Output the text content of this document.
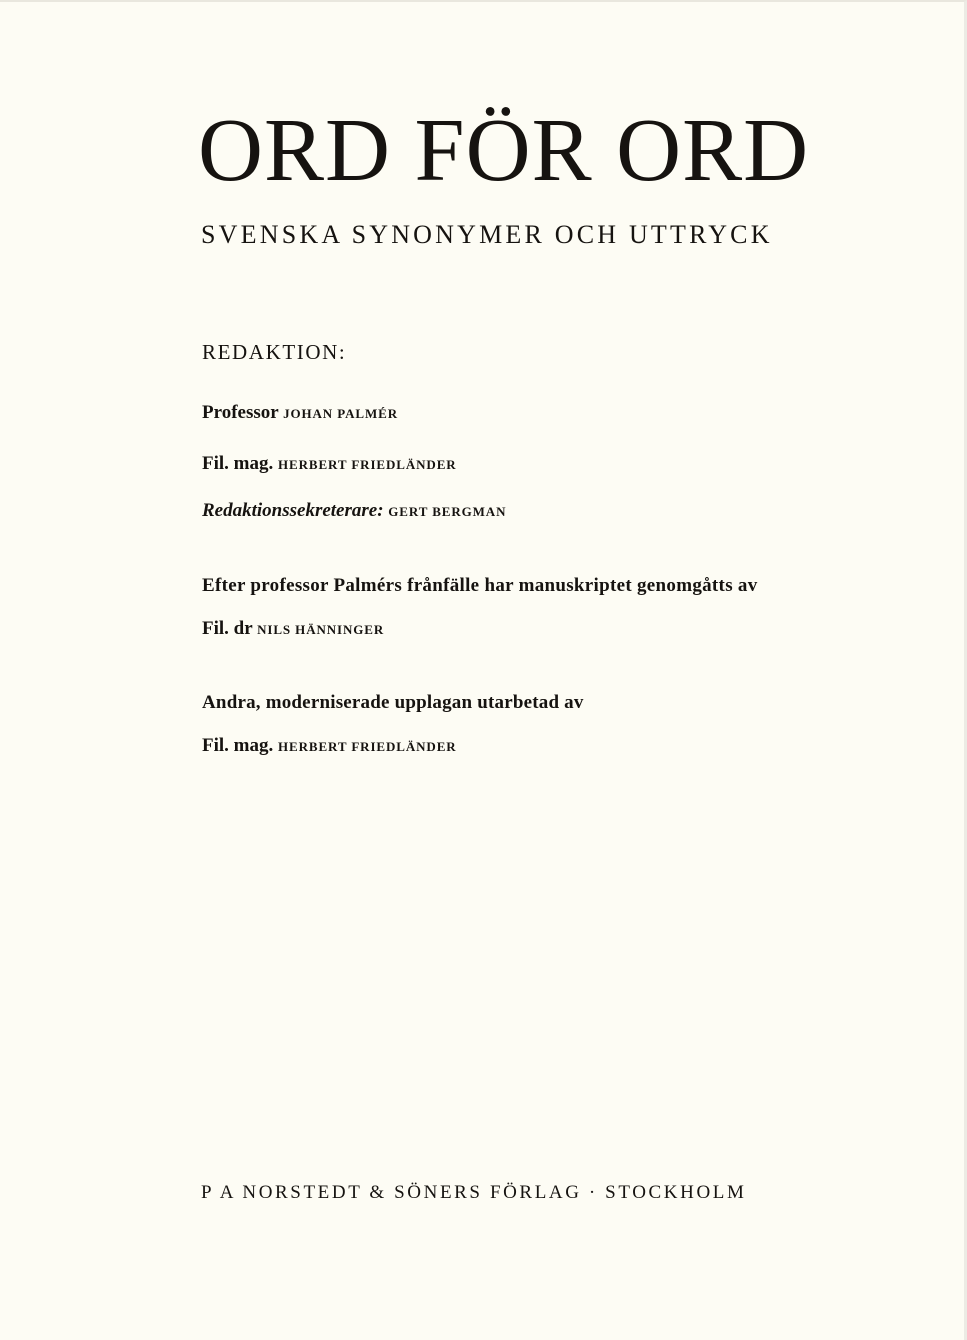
ORD FÖR ORD
SVENSKA SYNONYMER OCH UTTRYCK
REDAKTION:
Professor JOHAN PALMÉR
Fil. mag. HERBERT FRIEDLÄNDER
Redaktionssekreterare: GERT BERGMAN
Efter professor Palmérs frånfälle har manuskriptet genomgåtts av
Fil. dr NILS HÄNNINGER
Andra, moderniserade upplagan utarbetad av
Fil. mag. HERBERT FRIEDLÄNDER
P A NORSTEDT & SÖNERS FÖRLAG · STOCKHOLM
